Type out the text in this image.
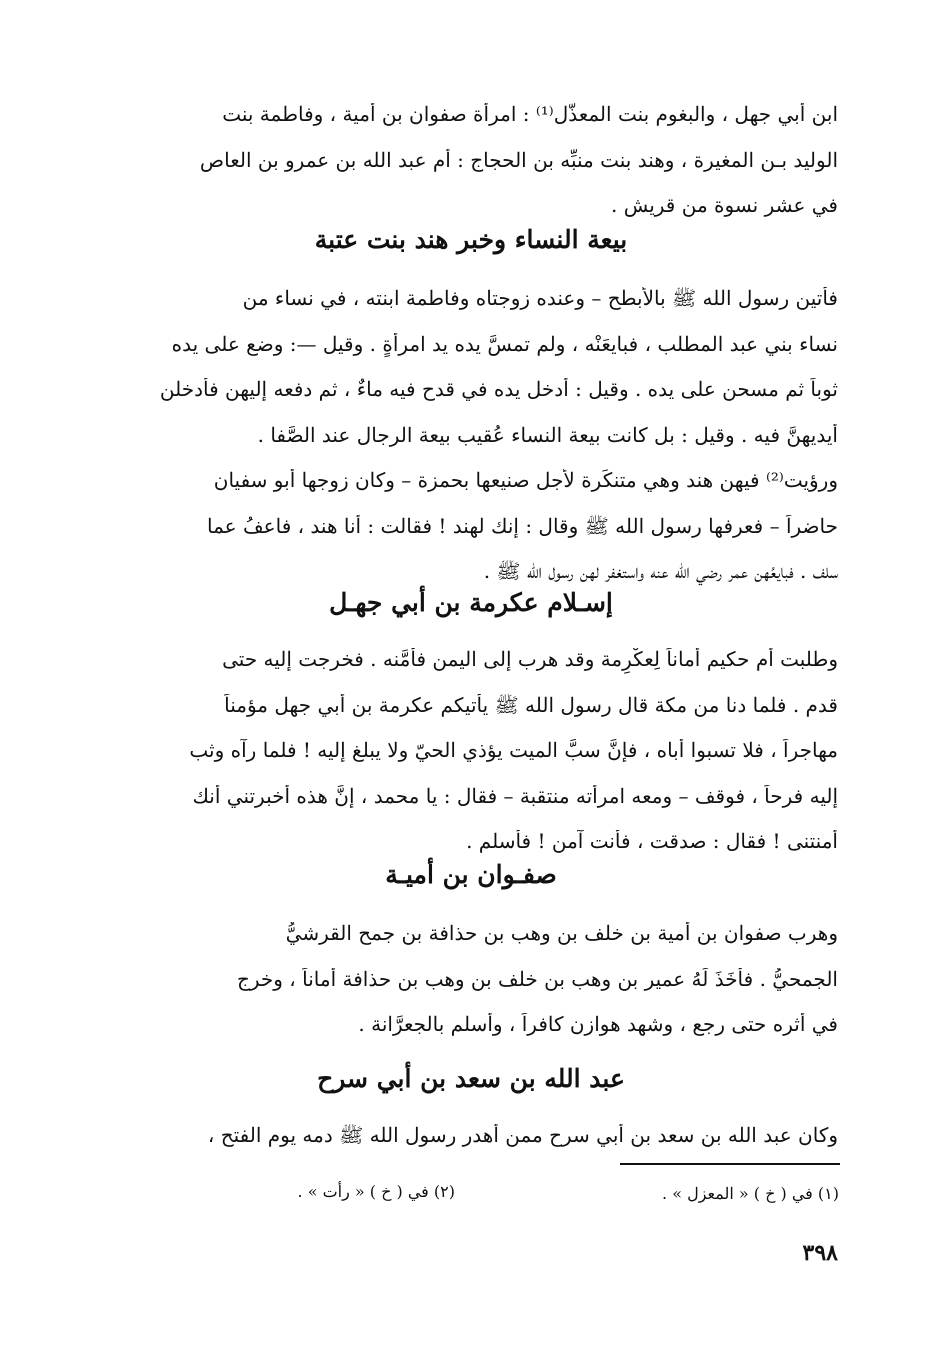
ابن أبي جهل ، والبغوم بنت المعذَّل⁽¹⁾ : امرأة صفوان بن أمية ، وفاطمة بنت
الوليد بـن المغيرة ، وهند بنت منبِّه بن الحجاج : أم عبد الله بن عمرو بن العاص
في عشر نسوة من قريش .
بيعة النساء وخبر هند بنت عتبة
فأتين رسول الله ﷺ بالأبطح – وعنده زوجتاه وفاطمة ابنته ، في نساء من
نساء بني عبد المطلب ، فبايعَنْه ، ولم تمسَّ يده يد امرأةٍ . وقيل —: وضع على يده
ثوباً ثم مسحن على يده . وقيل : أدخل يده في قدح فيه ماءٌ ، ثم دفعه إليهن فأدخلن
أيديهنَّ فيه . وقيل : بل كانت بيعة النساء عُقيب بيعة الرجال عند الصَّفا .
ورؤيت⁽²⁾ فيهن هند وهي متنكِّرة لأجل صنيعها بحمزة – وكان زوجها أبو سفيان
حاضراً – فعرفها رسول الله ﷺ وقال : إنك لهند ! فقالت : أنا هند ، فاعفُ عما
سلف . فبايعُهن عمر رضي الله عنه واستغفر لهن رسول الله ﷺ .
إسـلام عكرمة بن أبي جهـل
وطلبت أم حكيم أماناً لِعكْرِمة وقد هرب إلى اليمن فأمَّنه . فخرجت إليه حتى
قدم . فلما دنا من مكة قال رسول الله ﷺ يأتيكم عكرمة بن أبي جهل مؤمناً
مهاجراً ، فلا تسبوا أباه ، فإنَّ سبَّ الميت يؤذي الحيّ ولا يبلغ إليه ! فلما رآه وثب
إليه فرحاً ، فوقف – ومعه امرأته منتقبة – فقال : يا محمد ، إنَّ هذه أخبرتني أنك
أمنتنى ! فقال : صدقت ، فأنت آمن ! فأسلم .
صفـوان بن أميـة
وهرب صفوان بن أمية بن خلف بن وهب بن حذافة بن جمح القرشيُّ
الجمحيُّ . فأَخَذَ لَهُ عمير بن وهب بن خلف بن وهب بن حذافة أماناً ، وخرج
في أثره حتى رجع ، وشهد هوازن كافراً ، وأسلم بالجعرَّانة .
عبد الله بن سعد بن أبي سرح
وكان عبد الله بن سعد بن أبي سرح ممن أهدر رسول الله ﷺ دمه يوم الفتح ،
(١) في ( خ ) « المعزل » .
(٢) في ( خ ) « رأت » .
٣٩٨
